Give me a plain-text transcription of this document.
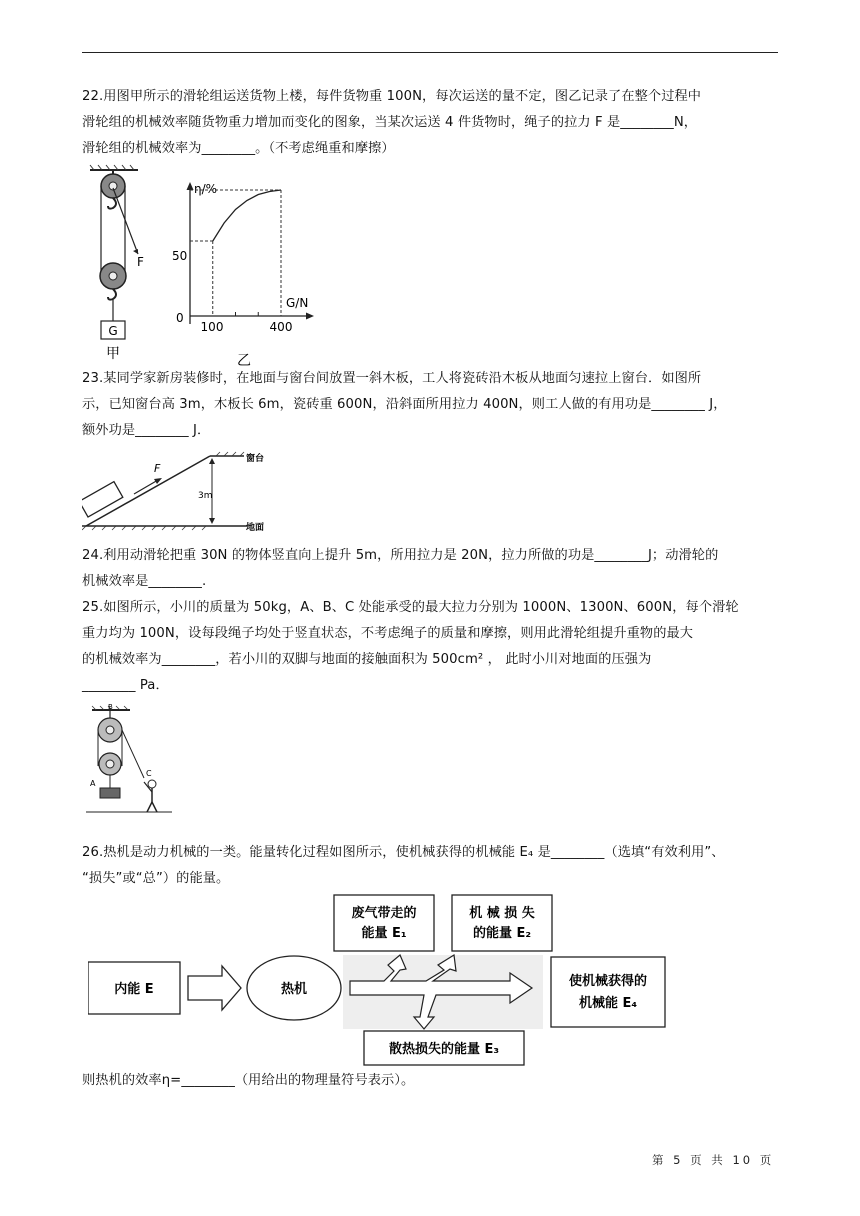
22.用图甲所示的滑轮组运送货物上楼，每件货物重 100N，每次运送的量不定，图乙记录了在整个过程中

滑轮组的机械效率随货物重力增加而变化的图象，当某次运送 4 件货物时，绳子的拉力 F 是________N，

滑轮组的机械效率为________。（不考虑绳重和摩擦）

F
G
甲
η/%
G/N
0
50
100	400
乙

23.某同学家新房装修时，在地面与窗台间放置一斜木板，工人将瓷砖沿木板从地面匀速拉上窗台．如图所

示，已知窗台高 3m，木板长 6m，瓷砖重 600N，沿斜面所用拉力 400N，则工人做的有用功是________ J，

额外功是________ J．

F
3m
窗台
地面

24.利用动滑轮把重 30N 的物体竖直向上提升 5m，所用拉力是 20N，拉力所做的功是________J；动滑轮的

机械效率是________.

25.如图所示，小川的质量为 50kg，A、B、C 处能承受的最大拉力分别为 1000N、1300N、600N，每个滑轮

重力均为 100N，设每段绳子均处于竖直状态，不考虑绳子的质量和摩擦，则用此滑轮组提升重物的最大

的机械效率为________，若小川的双脚与地面的接触面积为 500cm² ， 此时小川对地面的压强为

________ Pa．

B
A
C

26.热机是动力机械的一类。能量转化过程如图所示，使机械获得的机械能 E₄ 是________（选填“有效利用”、

“损失”或“总”）的能量。

内能 E	热机
废气带走的
能量 E₁
机 械 损 失
的能量 E₂
使机械获得的
机械能 E₄
散热损失的能量 E₃

则热机的效率η=________（用给出的物理量符号表示）。

第 5 页 共 10 页
